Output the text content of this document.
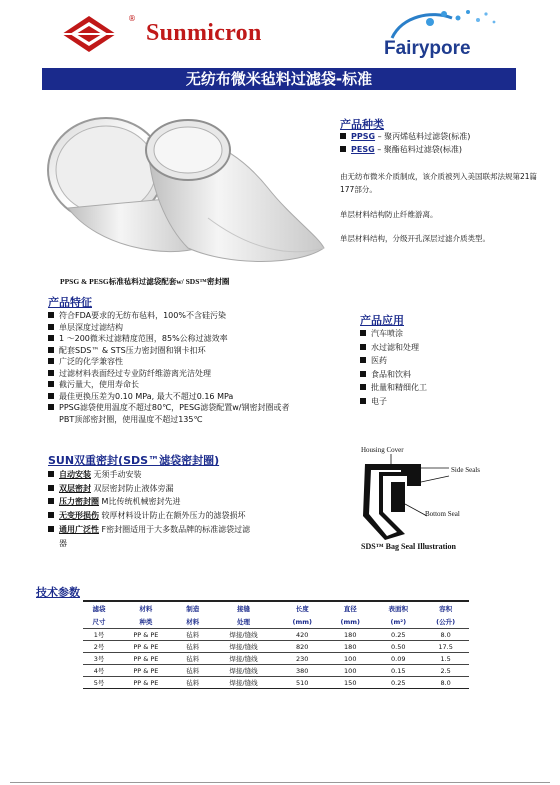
®
Sunmicron
Fairypore
无纺布微米毡料过滤袋-标准
PPSG & PESG标准毡料过滤袋配套w/ SDS™密封圈
产品种类
PPSG – 聚丙烯毡料过滤袋(标准)
PESG – 聚酯毡料过滤袋(标准)
由无纺布微米介质制成，该介质被列入美国联邦法规第21篇177部分。
单层材料结构防止纤维游离。
单层材料结构，分级开孔深层过滤介质类型。
产品特征
符合FDA要求的无纺布毡料，100%不含硅污染
单层深度过滤结构
1 ～200微米过滤精度范围，85%公称过滤效率
配套SDS™ & STS压力密封圈和钢卡扣环
广泛的化学兼容性
过滤材料表面经过专业防纤维游离光洁处理
截污量大，使用寿命长
最佳更换压差为0.10 MPa, 最大不超过0.16 MPa
PPSG滤袋使用温度不超过80℃，PESG滤袋配置w/钢密封圈或者
PBT顶部密封圈，使用温度不超过135℃
产品应用
汽车喷涂
水过滤和处理
医药
食品和饮料
批量和精细化工
电子
SUN双重密封(SDS™滤袋密封圈)
自动安装 无须手动安装
双层密封 双层密封防止液体旁漏
压力密封圈 M比传统机械密封先进
无变形损伤 较厚材料设计防止在额外压力的滤袋损坏
通用广泛性 F密封圈适用于大多数品牌的标准滤袋过滤
器
Housing Cover
Side Seals
Bottom Seal
SDS™ Bag Seal Illustration
技术参数
滤袋	材料	制造	接缝	长度	直径	表面积	容积
尺寸	种类	材料	处理	(mm)	(mm)	(m²)	(公升)
1号	PP & PE	毡料	焊接/缝线	420	180	0.25	8.0
2号	PP & PE	毡料	焊接/缝线	820	180	0.50	17.5
3号	PP & PE	毡料	焊接/缝线	230	100	0.09	1.5
4号	PP & PE	毡料	焊接/缝线	380	100	0.15	2.5
5号	PP & PE	毡料	焊接/缝线	510	150	0.25	8.0
